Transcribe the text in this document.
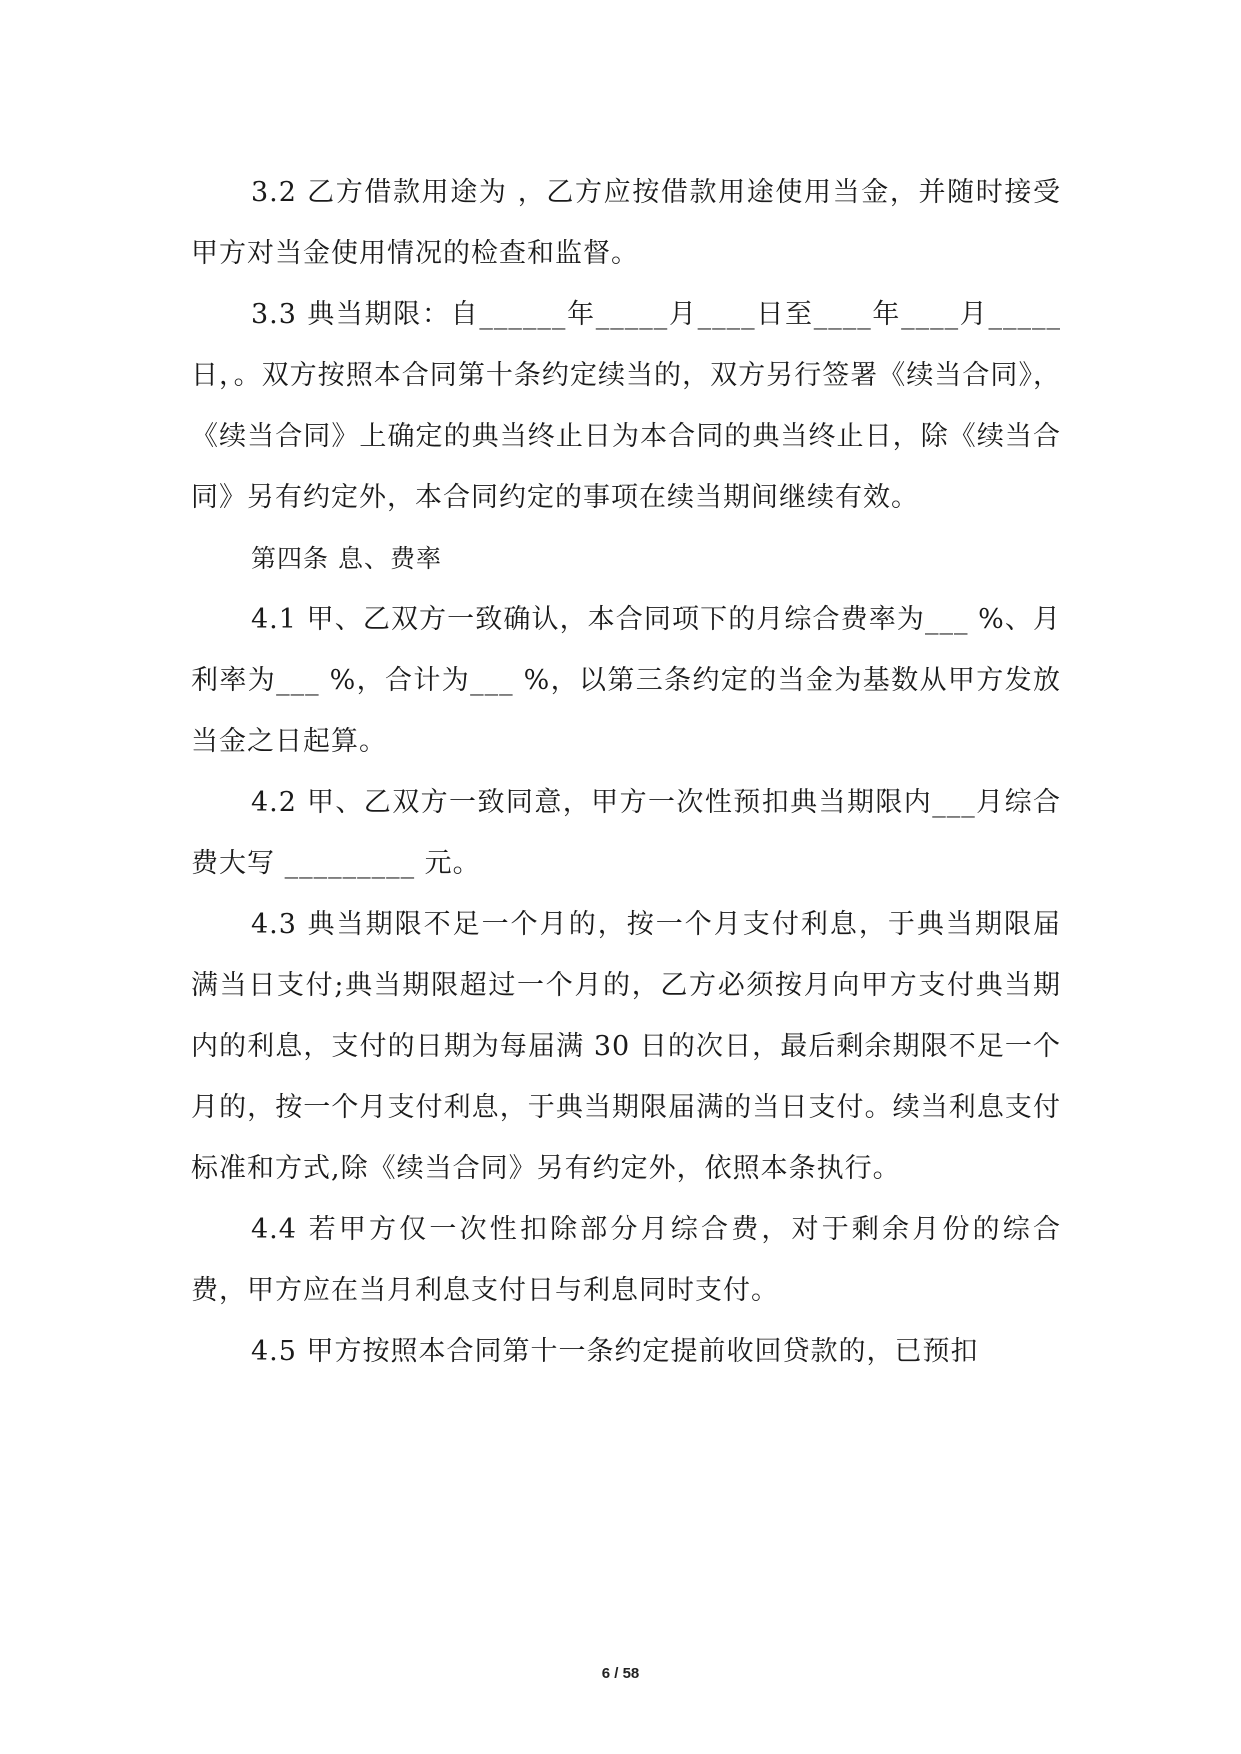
3.2 乙方借款用途为 ，乙方应按借款用途使用当金，并随时接受甲方对当金使用情况的检查和监督。

3.3 典当期限：自______年_____月____日至____年____月_____日，。双方按照本合同第十条约定续当的，双方另行签署《续当合同》，《续当合同》上确定的典当终止日为本合同的典当终止日，除《续当合同》另有约定外，本合同约定的事项在续当期间继续有效。

第四条 息、费率

4.1 甲、乙双方一致确认，本合同项下的月综合费率为___ %、月利率为___ %，合计为___ %，以第三条约定的当金为基数从甲方发放当金之日起算。

4.2 甲、乙双方一致同意，甲方一次性预扣典当期限内___月综合费大写 _________ 元。

4.3 典当期限不足一个月的，按一个月支付利息，于典当期限届满当日支付;典当期限超过一个月的，乙方必须按月向甲方支付典当期内的利息，支付的日期为每届满 30 日的次日，最后剩余期限不足一个月的，按一个月支付利息，于典当期限届满的当日支付。续当利息支付标准和方式,除《续当合同》另有约定外，依照本条执行。

4.4 若甲方仅一次性扣除部分月综合费，对于剩余月份的综合费，甲方应在当月利息支付日与利息同时支付。

4.5 甲方按照本合同第十一条约定提前收回贷款的，已预扣

6 / 58
